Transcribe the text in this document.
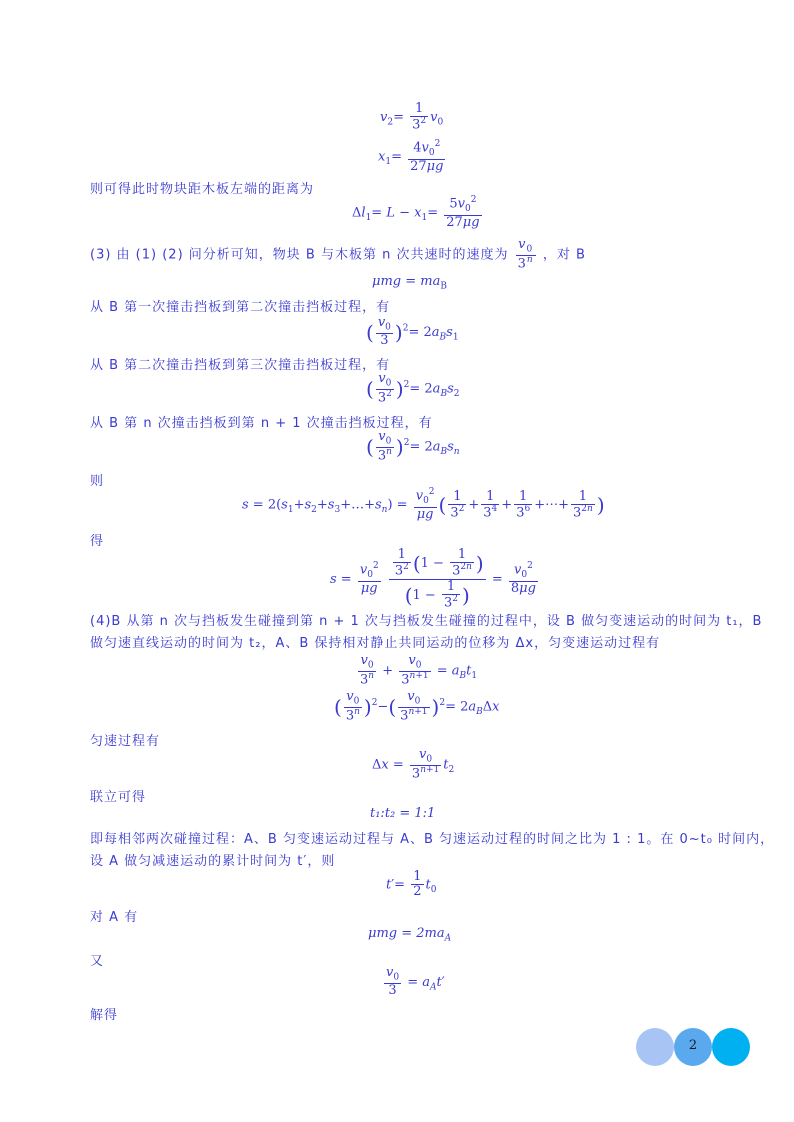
$v_2= \frac{1}{3^2} v_0$
$x_1= \frac{4v_0^2}{27\mu g}$
则可得此时物块距木板左端的距离为
$\Delta l_1= L - x_1= \frac{5v_0^2}{27\mu g}$
(3) 由 (1) (2) 问分析可知，物块 B 与木板第 n 次共速时的速度为 $\frac{v_0}{3^n}$ ，对 B
$\mu mg = ma_B$
从 B 第一次撞击挡板到第二次撞击挡板过程，有
( $\frac{v_0}{3} )^2= 2a_Bs_1$
从 B 第二次撞击挡板到第三次撞击挡板过程，有
( $\frac{v_0}{3^2} )^2= 2a_Bs_2$
从 B 第 n 次撞击挡板到第 n + 1 次撞击挡板过程，有
( $\frac{v_0}{3^n} )^2= 2a_Bs_n$
则
$s = 2(s_1+s_2+s_3+\dots+s_n) = \frac{v_0^2}{\mu g}$ ( $\frac{1}{3^2} + \frac{1}{3^4} + \frac{1}{3^6}$ +⋯+ $\frac{1}{3^{2n}}$ )
得
$s = \frac{v_0^2}{\mu g}$
$\frac{\frac{1}{3^2} (1 - \frac{1}{3^{2n}} )}{(1 - \frac{1}{3^2} )} = \frac{v_0^2}{8\mu g}$
(4)B 从第 n 次与挡板发生碰撞到第 n + 1 次与挡板发生碰撞的过程中，设 B 做匀变速运动的时间为 t₁，B
做匀速直线运动的时间为 t₂，A、B 保持相对静止共同运动的位移为 Δx，匀变速运动过程有
$\frac{v_0}{3^n} + \frac{v_0}{3^{n+1}} = a_Bt_1$
( $\frac{v_0}{3^n} )^2-( \frac{v_0}{3^{n+1}} )^2= 2a_B\Delta x$
匀速过程有
$\Delta x = \frac{v_0}{3^{n+1}} t_2$
联立可得
t₁:t₂ = 1:1
即每相邻两次碰撞过程：A、B 匀变速运动过程与 A、B 匀速运动过程的时间之比为 1 : 1。在 0~t₀ 时间内，
设 A 做匀减速运动的累计时间为 t′，则
$t'= \frac{1}{2} t_0$
对 A 有
$\mu mg = 2ma_A$
又
$\frac{v_0}{3} = a_At'$
解得
2
